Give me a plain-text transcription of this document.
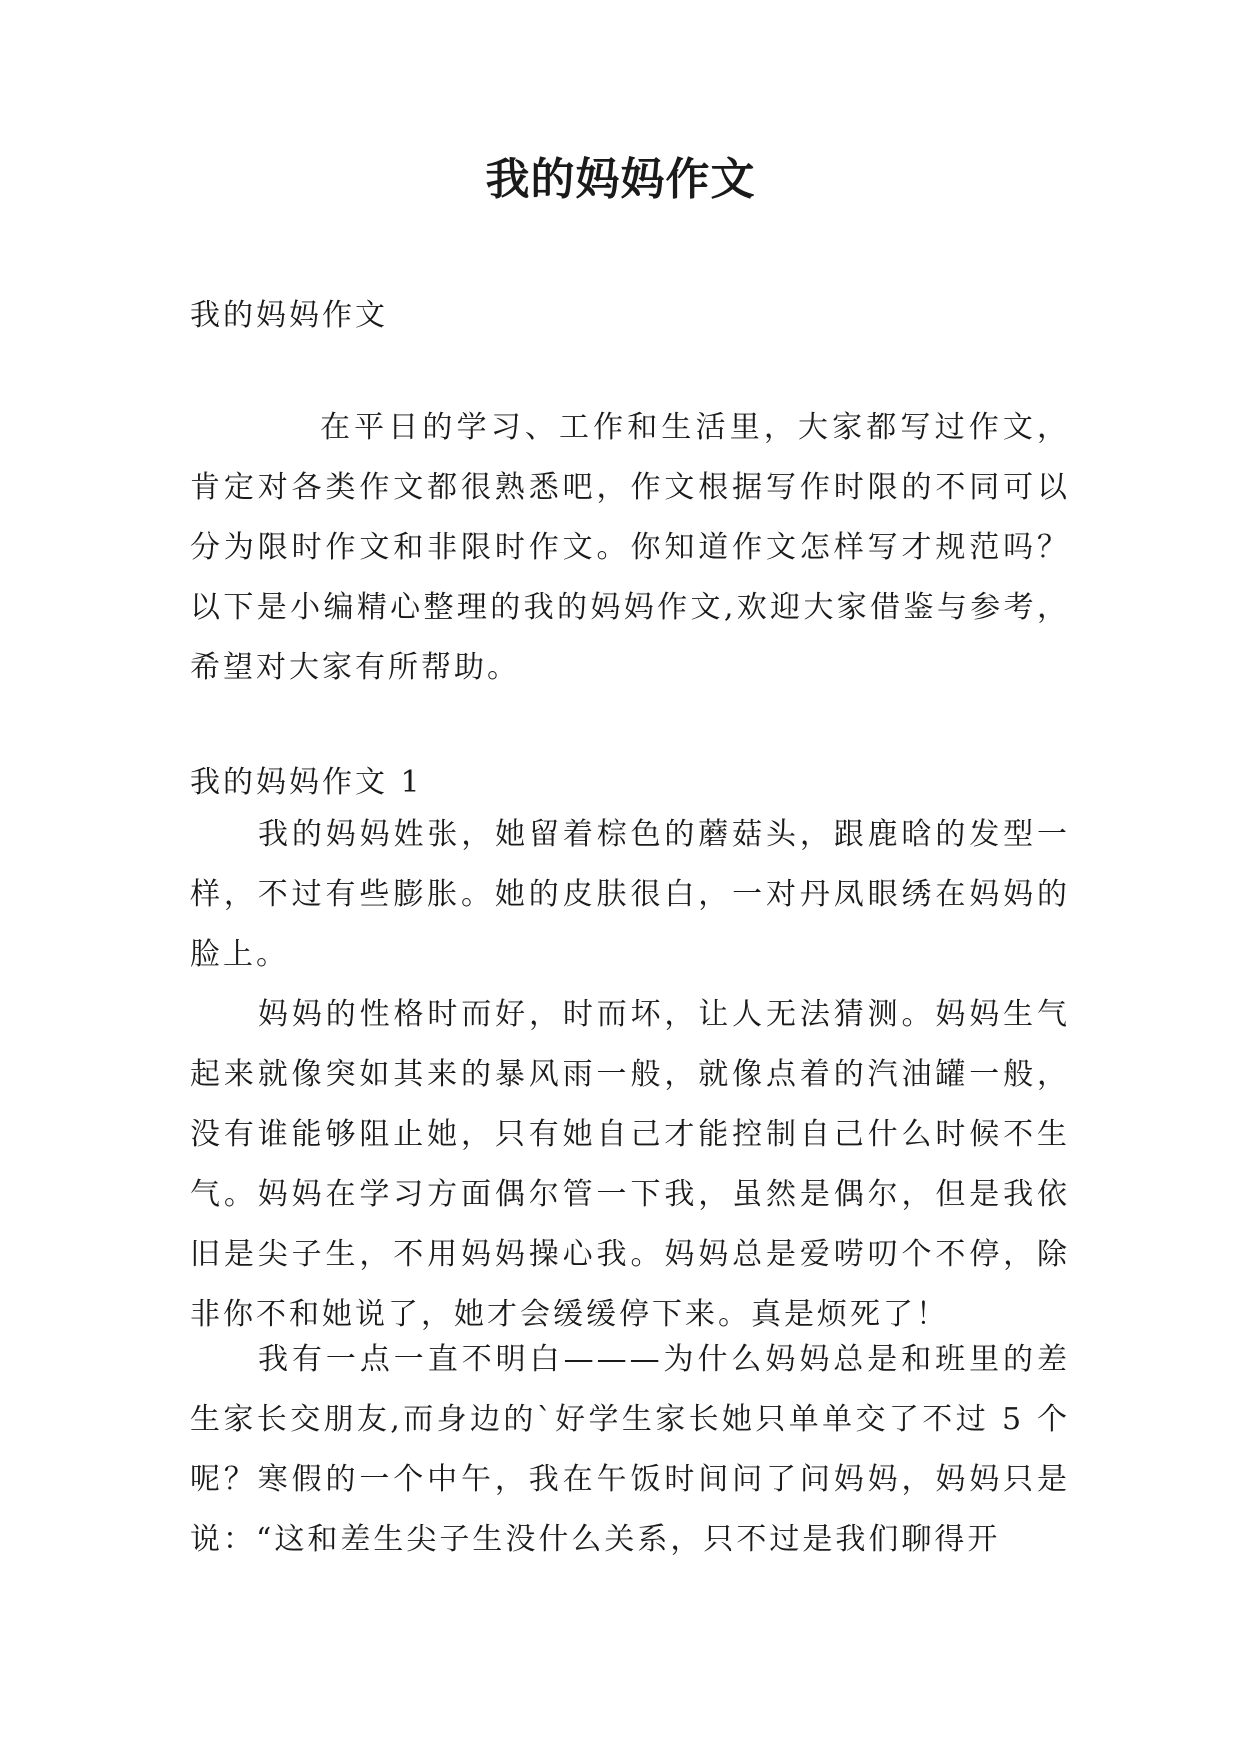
我的妈妈作文

我的妈妈作文

在平日的学习、工作和生活里，大家都写过作文，肯定对各类作文都很熟悉吧，作文根据写作时限的不同可以分为限时作文和非限时作文。你知道作文怎样写才规范吗？以下是小编精心整理的我的妈妈作文,欢迎大家借鉴与参考，希望对大家有所帮助。

我的妈妈作文 1

我的妈妈姓张，她留着棕色的蘑菇头，跟鹿晗的发型一样，不过有些膨胀。她的皮肤很白，一对丹凤眼绣在妈妈的脸上。

妈妈的性格时而好，时而坏，让人无法猜测。妈妈生气起来就像突如其来的暴风雨一般，就像点着的汽油罐一般，没有谁能够阻止她，只有她自己才能控制自己什么时候不生气。妈妈在学习方面偶尔管一下我，虽然是偶尔，但是我依旧是尖子生，不用妈妈操心我。妈妈总是爱唠叨个不停，除非你不和她说了，她才会缓缓停下来。真是烦死了！

我有一点一直不明白———为什么妈妈总是和班里的差生家长交朋友,而身边的`好学生家长她只单单交了不过 5 个呢？寒假的一个中午，我在午饭时间问了问妈妈，妈妈只是说：“这和差生尖子生没什么关系，只不过是我们聊得开
